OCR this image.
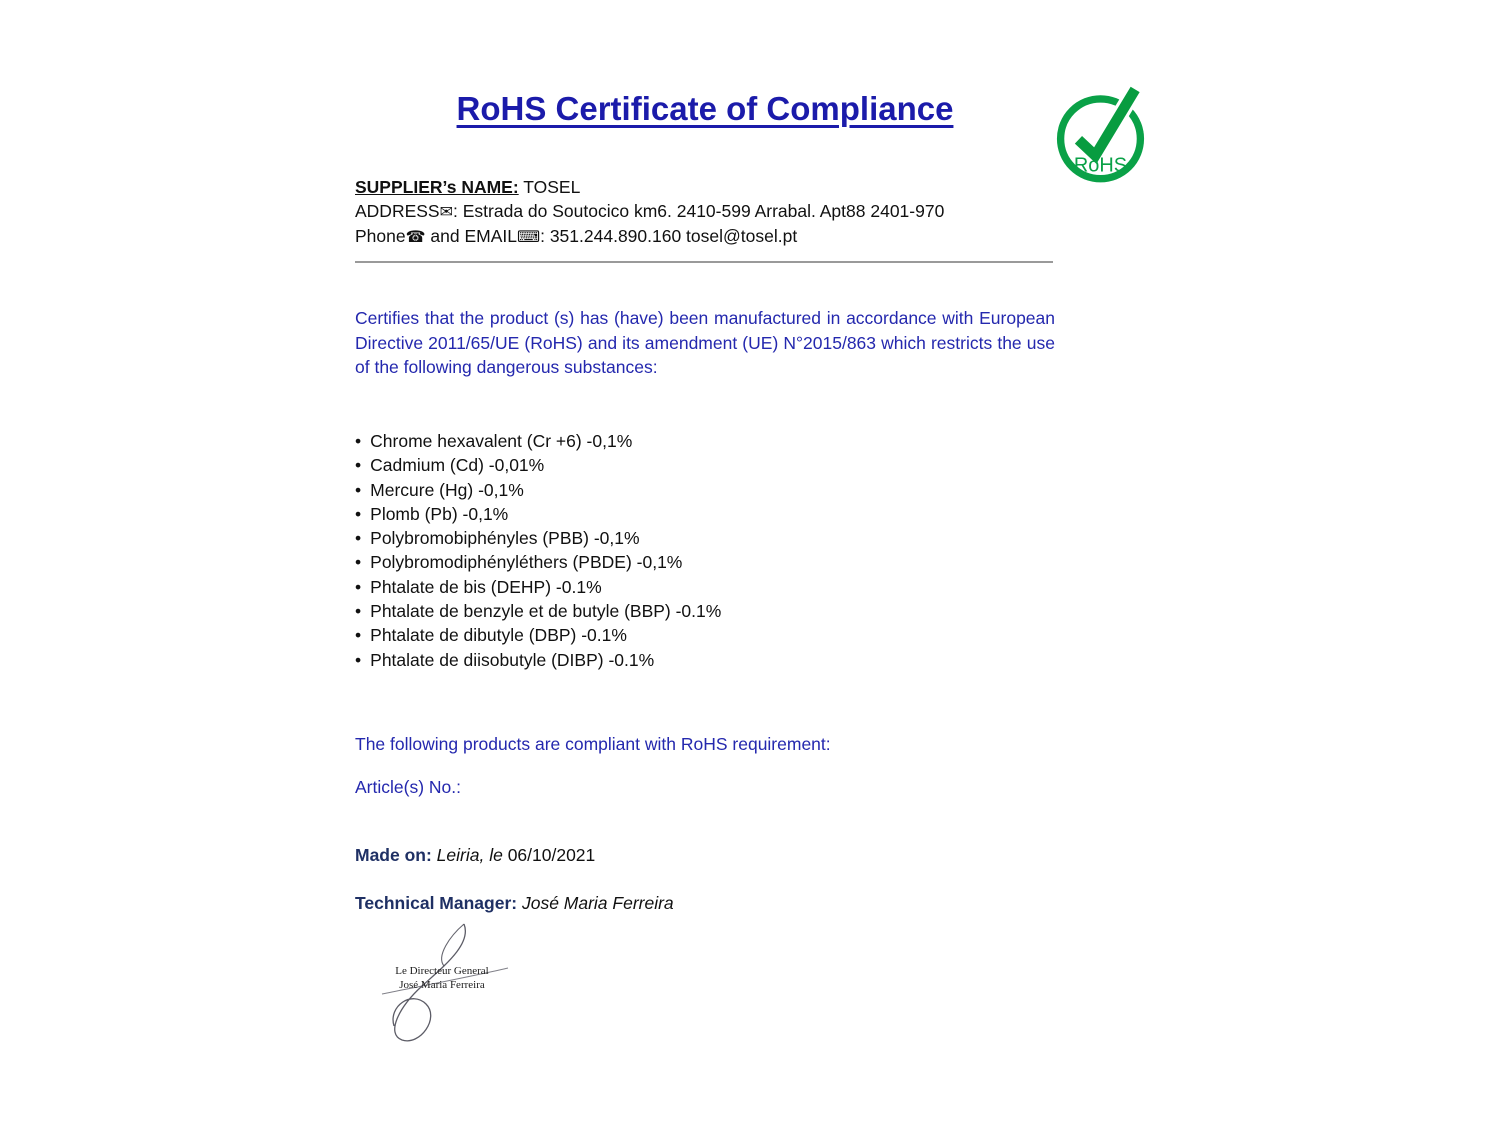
RoHS Certificate of Compliance
RoHS
SUPPLIER’s NAME: TOSEL
ADDRESS✉: Estrada do Soutocico km6. 2410-599 Arrabal. Apt88 2401-970
Phone☎ and EMAIL⌨: 351.244.890.160 tosel@tosel.pt

Certifies that the product (s) has (have) been manufactured in accordance with European Directive 2011/65/UE (RoHS) and its amendment (UE) N°2015/863 which restricts the use of the following dangerous substances:

• Chrome hexavalent (Cr +6) -0,1%
• Cadmium (Cd) -0,01%
• Mercure (Hg) -0,1%
• Plomb (Pb) -0,1%
• Polybromobiphényles (PBB) -0,1%
• Polybromodiphényléthers (PBDE) -0,1%
• Phtalate de bis (DEHP) -0.1%
• Phtalate de benzyle et de butyle (BBP) -0.1%
• Phtalate de dibutyle (DBP) -0.1%
• Phtalate de diisobutyle (DIBP) -0.1%
The following products are compliant with RoHS requirement:
Article(s) No.:
Made on: Leiria, le 06/10/2021
Technical Manager: José Maria Ferreira
Le Directeur General
José Maria Ferreira
